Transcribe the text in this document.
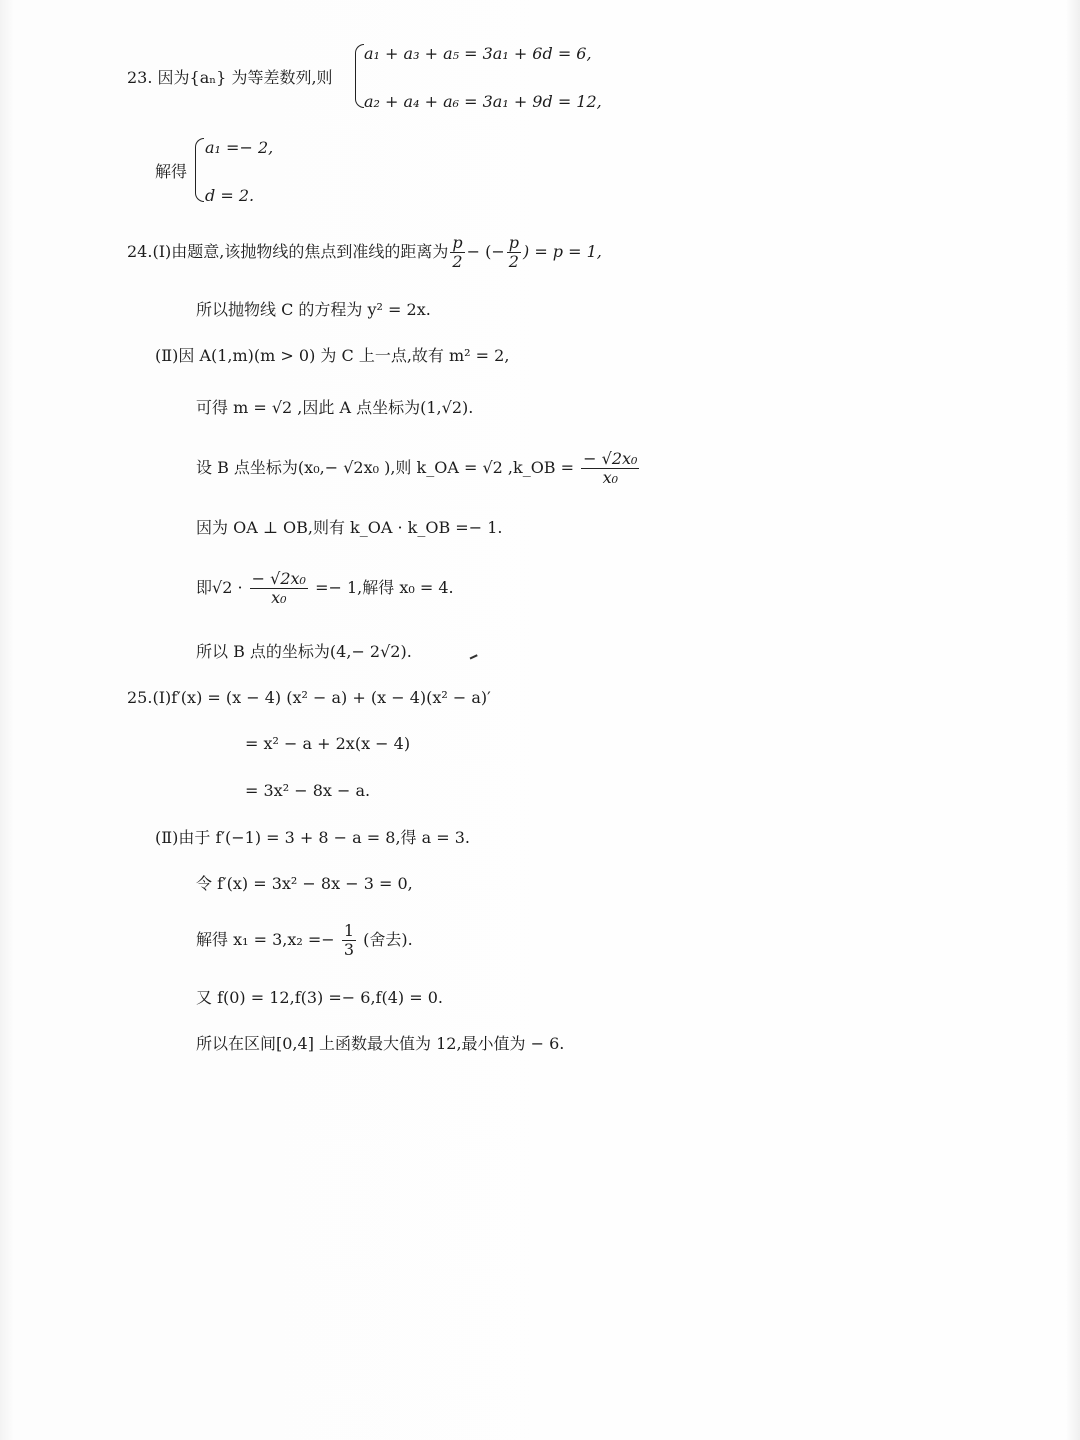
23. 因为{aₙ} 为等差数列,则
a₁ + a₃ + a₅ = 3a₁ + 6d = 6,
a₂ + a₄ + a₆ = 3a₁ + 9d = 12,
解得
a₁ =− 2,
d = 2.
24.(Ⅰ)由题意,该抛物线的焦点到准线的距离为 $\frac{p}{2}$ − (− $\frac{p}{2}$ ) = p = 1,
所以抛物线 C 的方程为 y² = 2x.
(Ⅱ)因 A(1,m)(m > 0) 为 C 上一点,故有 m² = 2,
可得 m = √2 ,因此 A 点坐标为(1,√2).
设 B 点坐标为(x₀,− √2x₀ ),则 k_OA = √2 ,k_OB = $\frac{\text{− √2x₀}}{\text{x₀}}$
因为 OA ⊥ OB,则有 k_OA · k_OB =− 1.
即$√2 \cdot \frac{\text{− √2x₀}}{\text{x₀}} =- 1$,解得 x₀ = 4.
所以 B 点的坐标为(4,− 2√2).
25.(Ⅰ)f′(x) = (x − 4) (x² − a) + (x − 4)(x² − a)′
= x² − a + 2x(x − 4)
= 3x² − 8x − a.
(Ⅱ)由于 f′(−1) = 3 + 8 − a = 8,得 a = 3.
令 f′(x) = 3x² − 8x − 3 = 0,
解得 $x_1 = 3,x_2 =- \frac{1}{3}$ (舍去).
又 f(0) = 12,f(3) =− 6,f(4) = 0.
所以在区间[0,4] 上函数最大值为 12,最小值为 − 6.
